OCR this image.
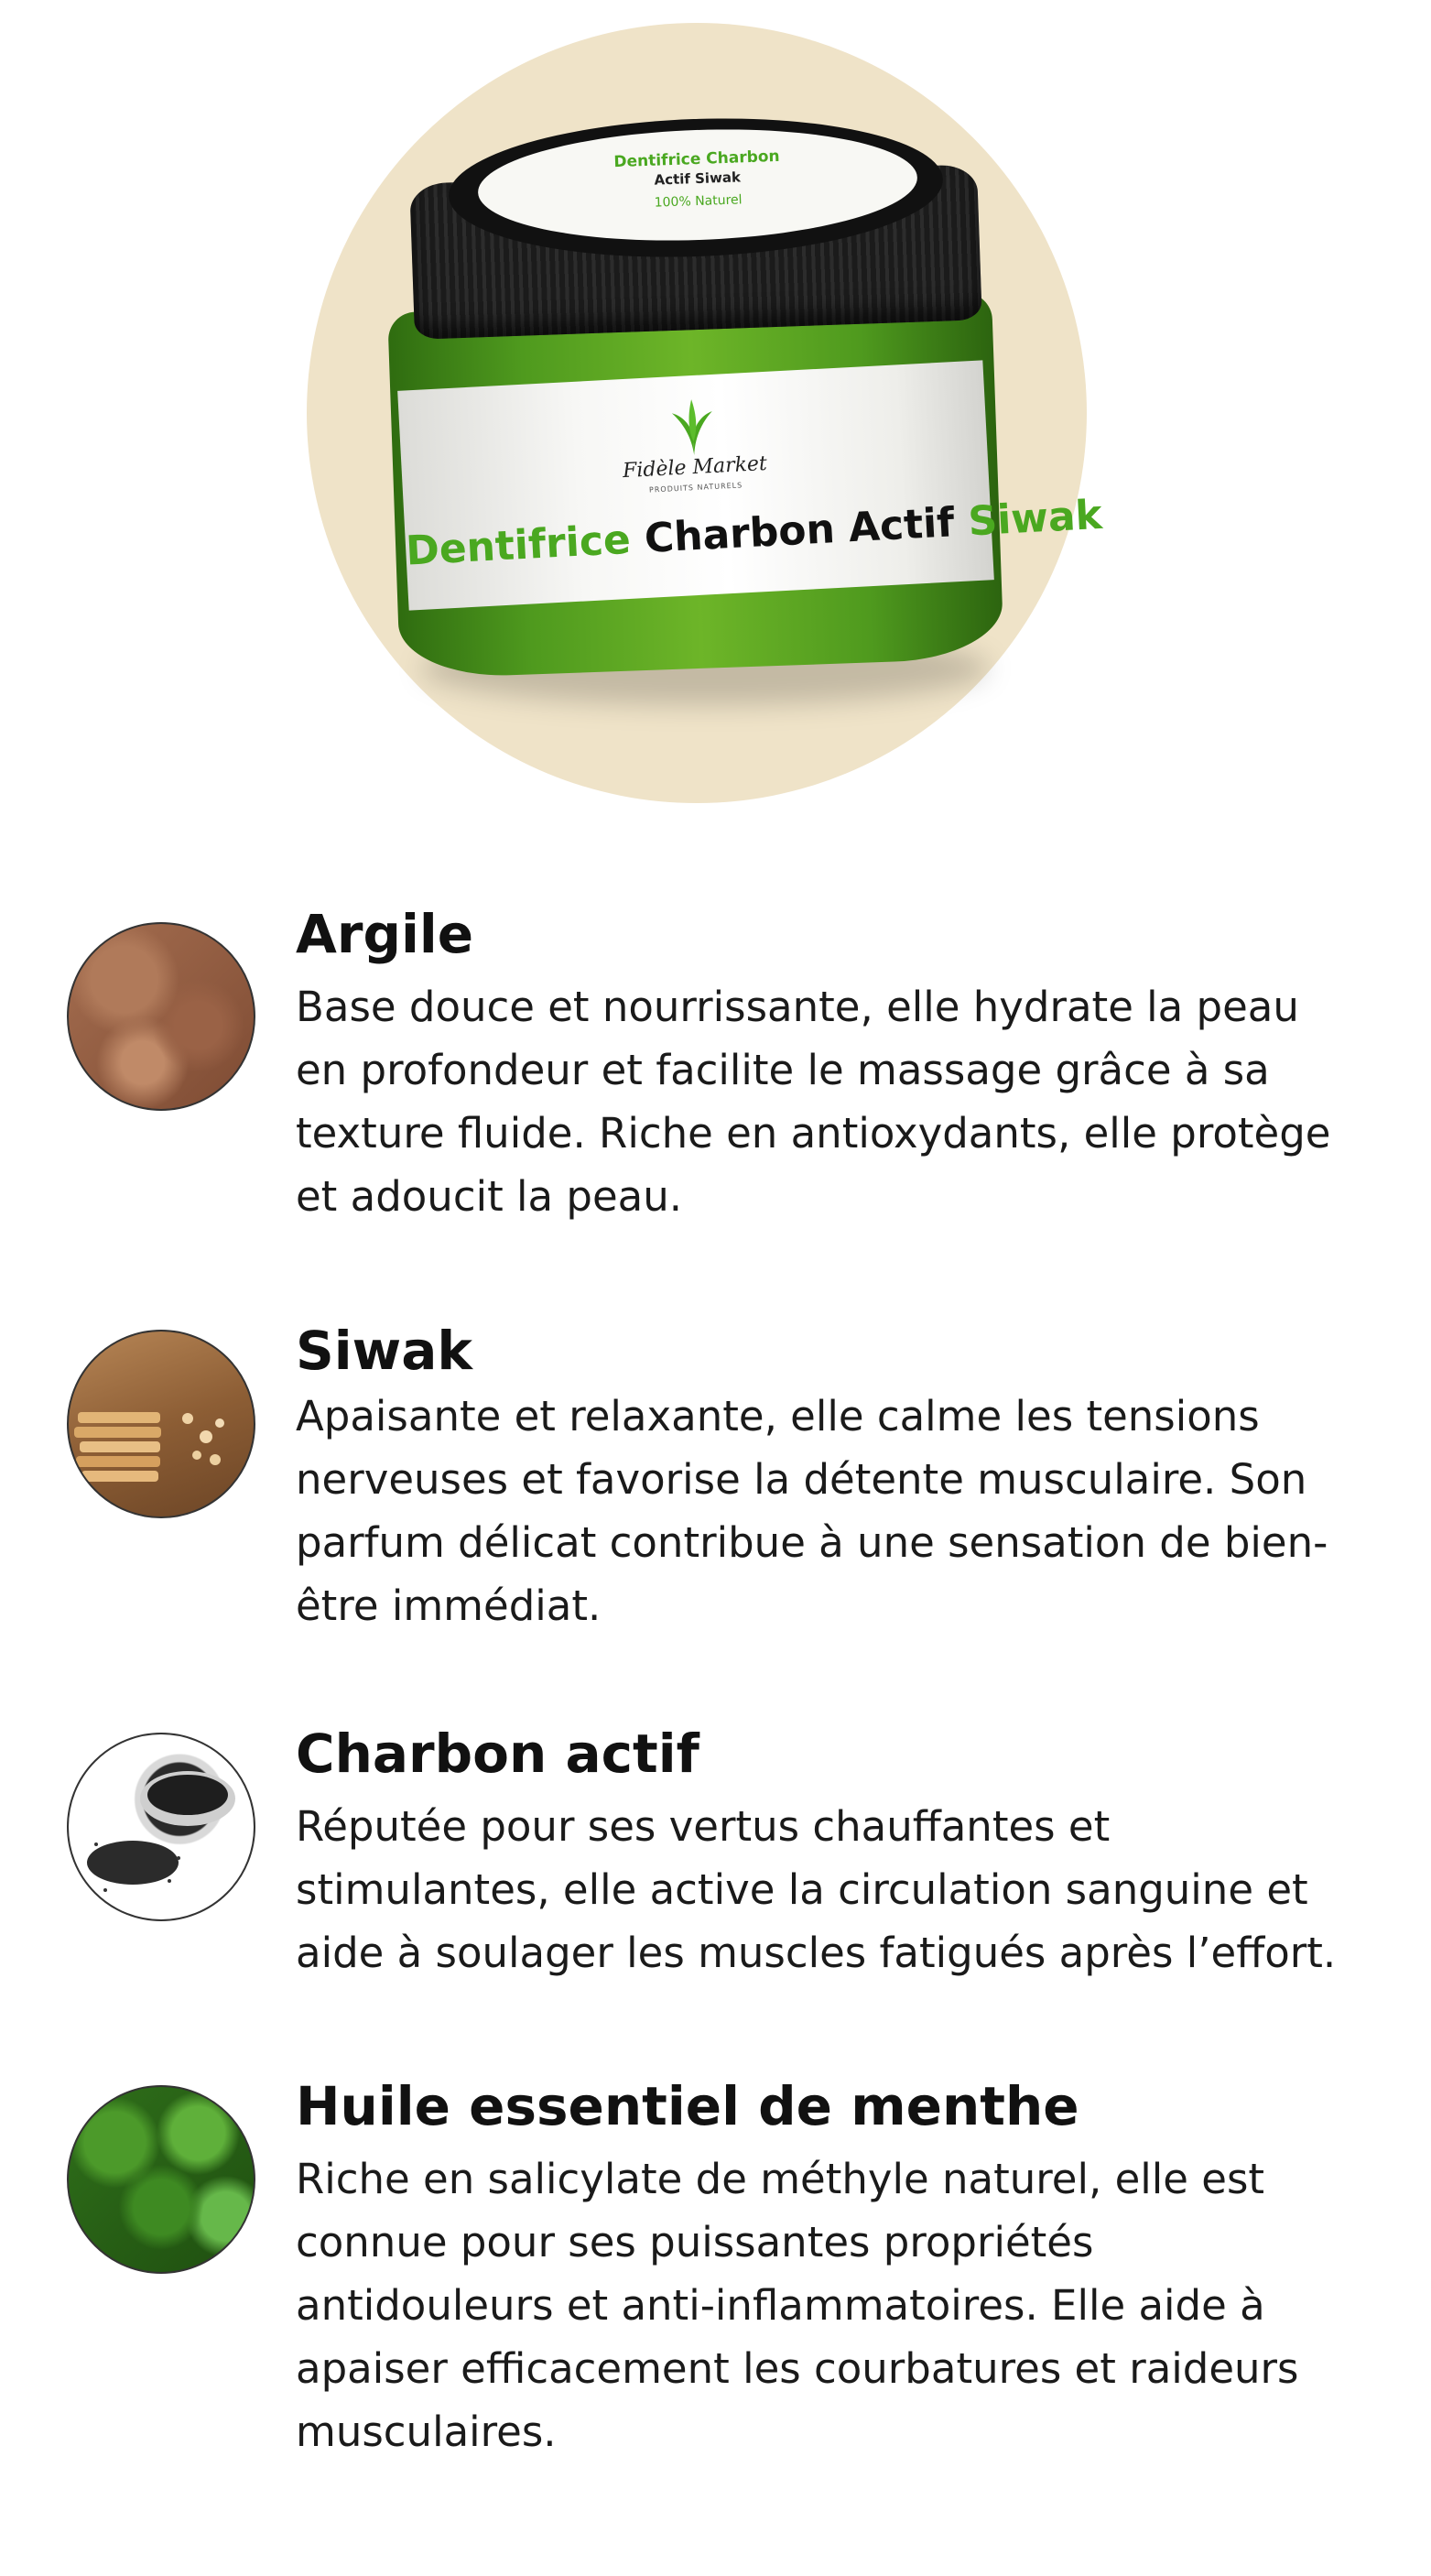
Fidèle Market
PRODUITS NATURELS
Dentifrice Charbon Actif Siwak
Dentifrice Charbon
Actif Siwak
100% Naturel
Argile
Base douce et nourrissante, elle hydrate la peau
en profondeur et facilite le massage grâce à sa
texture fluide. Riche en antioxydants, elle protège
et adoucit la peau.
Siwak
Apaisante et relaxante, elle calme les tensions
nerveuses et favorise la détente musculaire. Son
parfum délicat contribue à une sensation de bien-
être immédiat.
Charbon actif
Réputée pour ses vertus chauffantes et
stimulantes, elle active la circulation sanguine et
aide à soulager les muscles fatigués après l’effort.
Huile essentiel de menthe
Riche en salicylate de méthyle naturel, elle est
connue pour ses puissantes propriétés
antidouleurs et anti-inflammatoires. Elle aide à
apaiser efficacement les courbatures et raideurs
musculaires.
